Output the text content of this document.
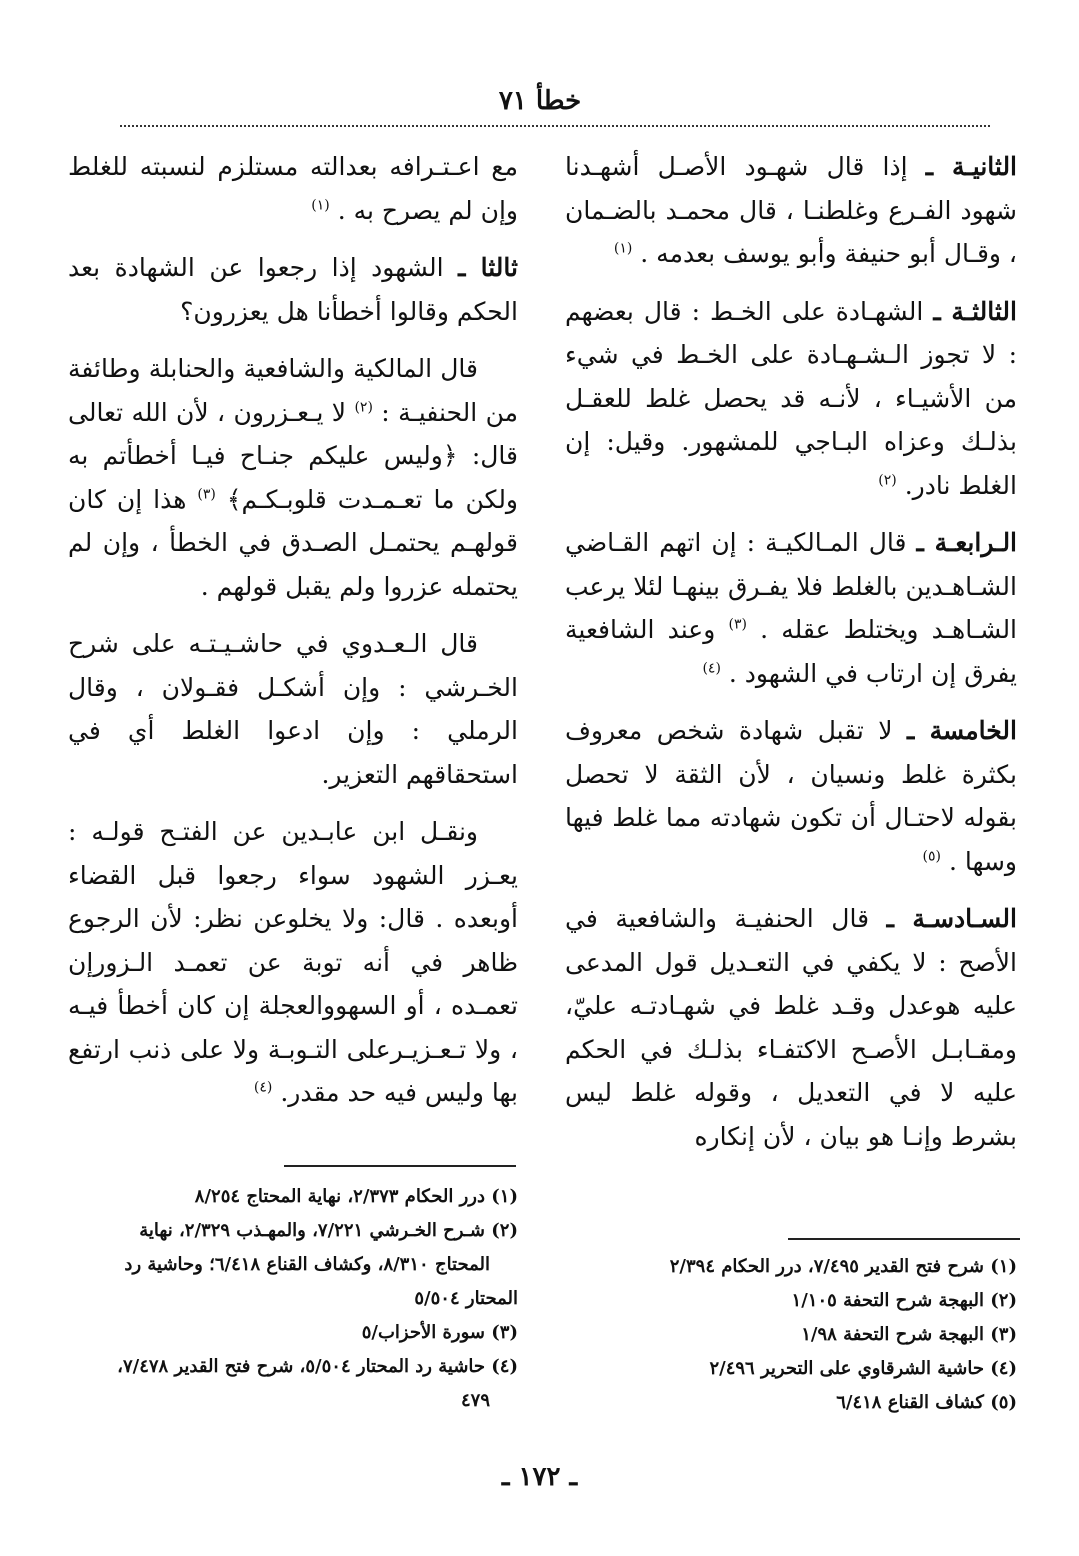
خطأ ٧١

الثانيـة ـ إذا قال شهـود الأصـل أشهـدنا شهود الفـرع وغلطنـا ، قال محمـد بالضـمان ، وقـال أبو حنيفة وأبو يوسف بعدمه . $^{(١)}$

الثالثـة ـ الشهـادة على الخـط : قال بعضهم : لا تجوز الـشـهـادة على الخـط في شيء من الأشيـاء ، لأنـه قد يحصل غلط للعقـل بذلـك وعزاه البـاجي للمشهور. وقيل: إن الغلط نادر. $^{(٢)}$

الـرابعـة ـ قال المـالكيـة : إن اتهم القـاضي الشـاهـدين بالغلط فلا يفـرق بينهـا لئلا يرعب الشـاهـد ويختلط عقله . $^{(٣)}$ وعند الشافعية يفرق إن ارتاب في الشهود . $^{(٤)}$

الخامسة ـ لا تقبل شهادة شخص معروف بكثرة غلط ونسيان ، لأن الثقة لا تحصل بقوله لاحتـال أن تكون شهادته مما غلط فيها وسها . $^{(٥)}$

السـادسـة ـ قال الحنفيـة والشافعية في الأصح : لا يكفي في التعـديل قول المدعى عليه هوعدل وقـد غلط في شهـادتـه عليّ، ومقـابـل الأصـح الاكتفـاء بذلـك في الحكم عليه لا في التعديل ، وقوله غلط ليس بشرط وإنـا هو بيان ، لأن إنكاره

مع اعـتـرافه بعدالته مستلزم لنسبته للغلط وإن لم يصرح به . $^{(١)}$

ثالثا ـ الشهود إذا رجعوا عن الشهادة بعد الحكم وقالوا أخطأنا هل يعزرون؟

قال المالكية والشافعية والحنابلة وطائفة من الحنفيـة : $^{(٢)}$ لا يـعـزرون ، لأن الله تعالى قال: ﴿وليس عليكم جنـاح فيـا أخطأتم به ولكن ما تعـمـدت قلوبـكـم﴾ $^{(٣)}$ هذا إن كان قولهـم يحتمـل الصـدق في الخطأ ، وإن لم يحتمله عزروا ولم يقبل قولهم .

قال الـعـدوي في حاشـيـتـه على شرح الخـرشي : وإن أشكـل فقـولان ، وقال الرملي : وإن ادعوا الغلط أي في استحقاقهم التعزير.

ونقـل ابن عابـدين عن الفتـح قولـه : يعـزر الشهود سواء رجعوا قبل القضاء أوبعده . قال: ولا يخلوعن نظر: لأن الرجوع ظاهر في أنه توبة عن تعمـد الـزورإن تعمـده ، أو السهووالعجلة إن كان أخطأ فيـه ، ولا تـعـزيـرعلى التـوبـة ولا على ذنب ارتفع بها وليس فيه حد مقدر. $^{(٤)}$

(١) درر الحكام ٢/٣٧٣، نهاية المحتاج ٨/٢٥٤

(٢) شـرح الخـرشي ٧/٢٢١، والمهـذب ٢/٣٢٩، نهاية
المحتاج ٨/٣١٠، وكشاف القناع ٦/٤١٨؛ وحاشية رد المحتار ٥/٥٠٤

(٣) سورة الأحزاب/٥

(٤) حاشية رد المحتار ٥/٥٠٤، شرح فتح القدير ٧/٤٧٨،
٤٧٩

(١) شرح فتح القدير ٧/٤٩٥، درر الحكام ٢/٣٩٤

(٢) البهجة شرح التحفة ١/١٠٥

(٣) البهجة شرح التحفة ١/٩٨

(٤) حاشية الشرقاوي على التحرير ٢/٤٩٦

(٥) كشاف القناع ٦/٤١٨

ـ ١٧٢ ـ
